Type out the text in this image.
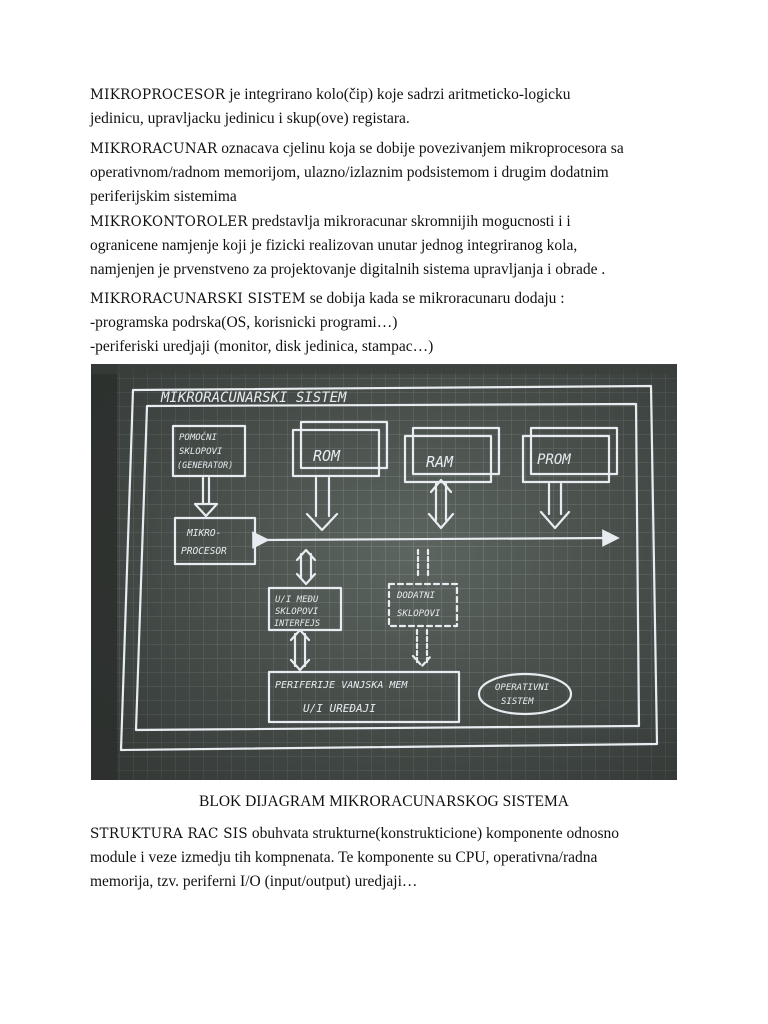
MIKROPROCESOR je integrirano kolo(čip) koje sadrzi aritmeticko-logicku
jedinicu, upravljacku jedinicu i skup(ove) registara.
MIKRORACUNAR oznacava cjelinu koja se dobije povezivanjem mikroprocesora sa
operativnom/radnom memorijom, ulazno/izlaznim podsistemom i drugim dodatnim
periferijskim sistemima
MIKROKONTOROLER predstavlja mikroracunar skromnijih mogucnosti i i
ogranicene namjenje koji je fizicki realizovan unutar jednog integriranog kola,
namjenjen je prvenstveno za projektovanje digitalnih sistema upravljanja i obrade .
MIKRORACUNARSKI SISTEM se dobija kada se mikroracunaru dodaju :
-programska podrska(OS, korisnicki programi…)
-periferiski uredjaji (monitor, disk jedinica, stampac…)
MIKRORAČUNARSKI SISTEM
POMOĆNI
SKLOPOVI
(GENERATOR)
ROM	RAM	PROM
MIKRO-
PROCESOR
U/I MEĐU
SKLOPOVI
INTERFEJS
DODATNI
SKLOPOVI
PERIFERIJE VANJSKA MEM
U/I UREĐAJI
OPERATIVNI
SISTEM
BLOK DIJAGRAM MIKRORACUNARSKOG SISTEMA
STRUKTURA RAC SIS obuhvata strukturne(konstrukticione) komponente odnosno
module i veze izmedju tih kompnenata. Te komponente su CPU, operativna/radna
memorija, tzv. periferni I/O (input/output) uredjaji…
